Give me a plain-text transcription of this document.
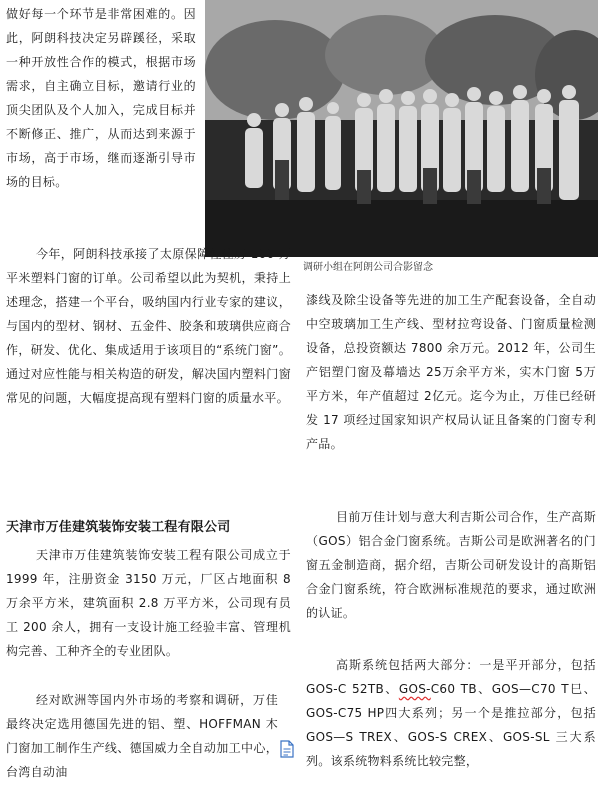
做好每一个环节是非常困难的。因此，阿朗科技决定另辟蹊径，采取一种开放性合作的模式，根据市场需求，自主确立目标，邀请行业的顶尖团队及个人加入，完成目标并不断修正、推广，从而达到来源于市场，高于市场，继而逐渐引导市场的目标。

调研小组在阿朗公司合影留念

今年，阿朗科技承接了太原保障性住房 100 万平米塑料门窗的订单。公司希望以此为契机，秉持上述理念，搭建一个平台，吸纳国内行业专家的建议，与国内的型材、钢材、五金件、胶条和玻璃供应商合作，研发、优化、集成适用于该项目的“系统门窗”。通过对应性能与相关构造的研发，解决国内塑料门窗常见的问题，大幅度提高现有塑料门窗的质量水平。

天津市万佳建筑装饰安装工程有限公司

天津市万佳建筑装饰安装工程有限公司成立于 1999 年，注册资金 3150 万元，厂区占地面积 8 万余平方米，建筑面积 2.8 万平方米，公司现有员工 200 余人，拥有一支设计施工经验丰富、管理机构完善、工种齐全的专业团队。

经对欧洲等国内外市场的考察和调研，万佳最终决定选用德国先进的铝、塑、HOFFMAN 木门窗加工制作生产线、德国威力全自动加工中心，台湾自动油

漆线及除尘设备等先进的加工生产配套设备，全自动中空玻璃加工生产线、型材拉弯设备、门窗质量检测设备，总投资额达 7800 余万元。2012 年，公司生产铝塑门窗及幕墙达 25万余平方米，实木门窗 5万平方米，年产值超过 2亿元。迄今为止，万佳已经研发 17 项经过国家知识产权局认证且备案的门窗专利产品。

目前万佳计划与意大利吉斯公司合作，生产高斯（GOS）铝合金门窗系统。吉斯公司是欧洲著名的门窗五金制造商，据介绍，吉斯公司研发设计的高斯铝合金门窗系统，符合欧洲标准规范的要求，通过欧洲的认证。

高斯系统包括两大部分：一是平开部分，包括 GOS-C 52TB、GOS-C60 TB、GOS—C70 T巳、GOS-C75 HP四大系列；另一个是推拉部分，包括GOS—S TREX、GOS-S CREX、GOS-SL 三大系列。该系统物料系统比较完整，
